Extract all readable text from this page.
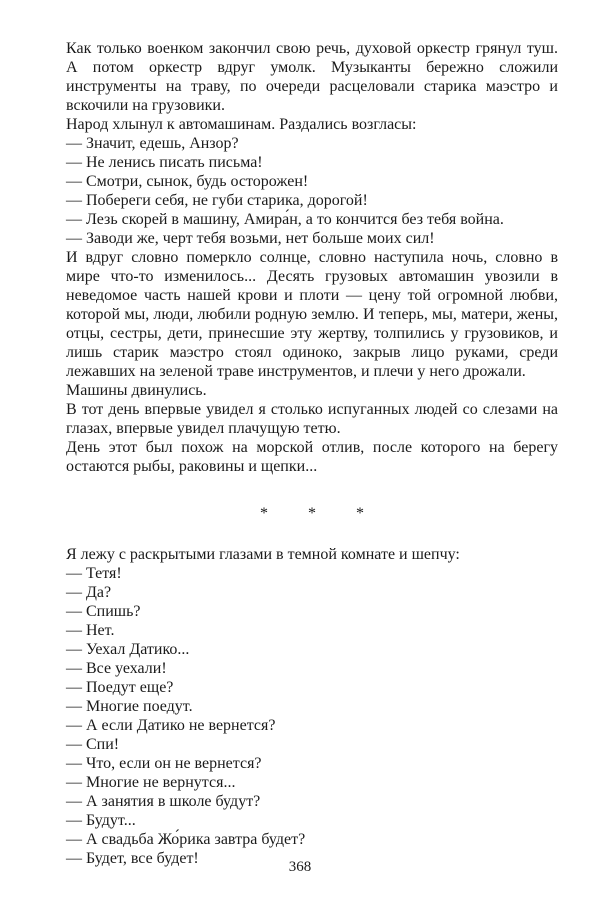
Как только военком закончил свою речь, духовой оркестр грянул туш. А потом оркестр вдруг умолк. Музыканты бережно сложили инструменты на траву, по очереди расцеловали старика маэстро и вскочили на грузовики.

Народ хлынул к автомашинам. Раздались возгласы:

— Значит, едешь, Анзор?

— Не ленись писать письма!

— Смотри, сынок, будь осторожен!

— Побереги себя, не губи старика, дорогой!

— Лезь скорей в машину, Амира́н, а то кончится без тебя война.

— Заводи же, черт тебя возьми, нет больше моих сил!

И вдруг словно померкло солнце, словно наступила ночь, словно в мире что-то изменилось... Десять грузовых автомашин увозили в неведомое часть нашей крови и плоти — цену той огромной любви, которой мы, люди, любили родную землю. И теперь, мы, матери, жены, отцы, сестры, дети, принесшие эту жертву, толпились у грузовиков, и лишь старик маэстро стоял одиноко, закрыв лицо руками, среди лежавших на зеленой траве инструментов, и плечи у него дрожали.

Машины двинулись.

В тот день впервые увидел я столько испуганных людей со слезами на глазах, впервые увидел плачущую тетю.

День этот был похож на морской отлив, после которого на берегу остаются рыбы, раковины и щепки...

* * *

Я лежу с раскрытыми глазами в темной комнате и шепчу:

— Тетя!

— Да?

— Спишь?

— Нет.

— Уехал Датико...

— Все уехали!

— Поедут еще?

— Многие поедут.

— А если Датико не вернется?

— Спи!

— Что, если он не вернется?

— Многие не вернутся...

— А занятия в школе будут?

— Будут...

— А свадьба Жо́рика завтра будет?

— Будет, все будет!	368
